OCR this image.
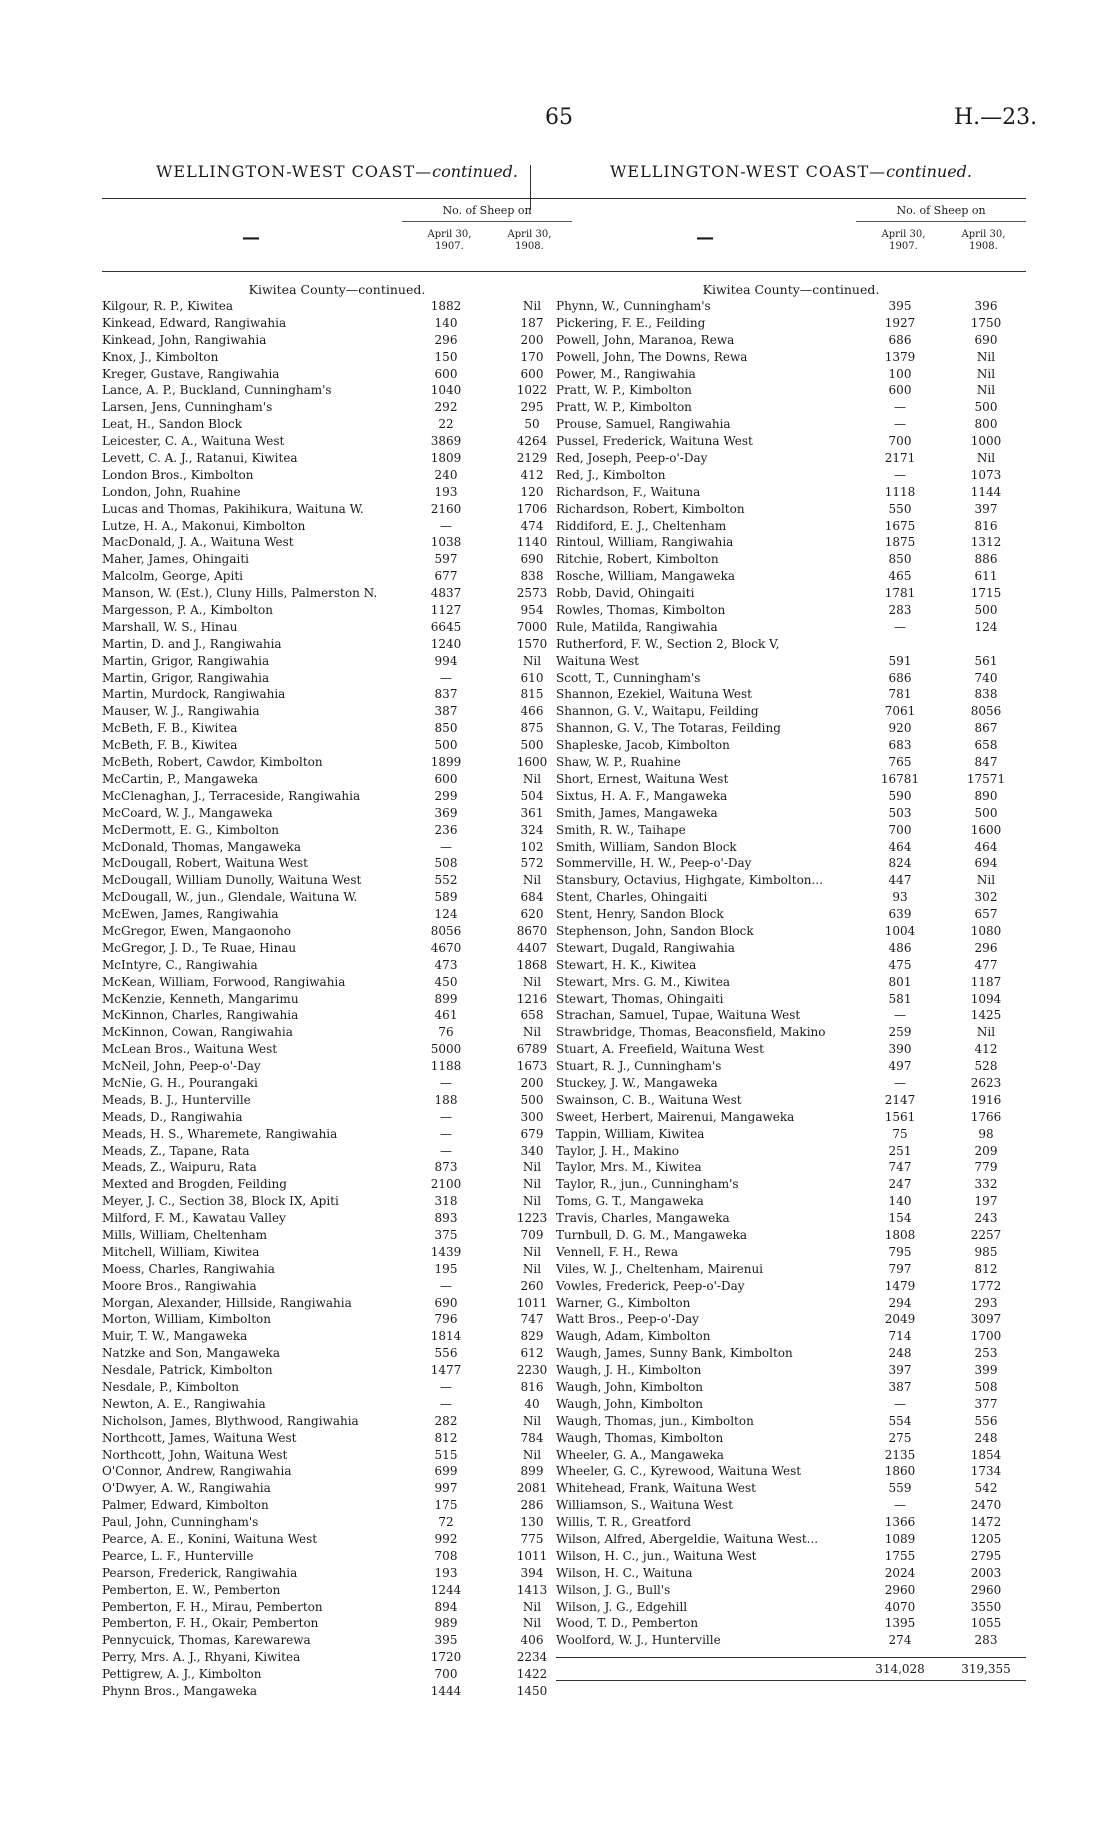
65	H.—23.
WELLINGTON-WEST COAST—continued.
—
No. of Sheep on
April 30, 1907.
April 30, 1908.
Kiwitea County—continued.
Kilgour, R. P., Kiwitea	1882	Nil
Kinkead, Edward, Rangiwahia	140	187
Kinkead, John, Rangiwahia	296	200
Knox, J., Kimbolton	150	170
Kreger, Gustave, Rangiwahia	600	600
Lance, A. P., Buckland, Cunningham's	1040	1022
Larsen, Jens, Cunningham's	292	295
Leat, H., Sandon Block	22	50
Leicester, C. A., Waituna West	3869	4264
Levett, C. A. J., Ratanui, Kiwitea	1809	2129
London Bros., Kimbolton	240	412
London, John, Ruahine	193	120
Lucas and Thomas, Pakihikura, Waituna W.	2160	1706
Lutze, H. A., Makonui, Kimbolton	—	474
MacDonald, J. A., Waituna West	1038	1140
Maher, James, Ohingaiti	597	690
Malcolm, George, Apiti	677	838
Manson, W. (Est.), Cluny Hills, Palmerston N.	4837	2573
Margesson, P. A., Kimbolton	1127	954
Marshall, W. S., Hinau	6645	7000
Martin, D. and J., Rangiwahia	1240	1570
Martin, Grigor, Rangiwahia	994	Nil
Martin, Grigor, Rangiwahia	—	610
Martin, Murdock, Rangiwahia	837	815
Mauser, W. J., Rangiwahia	387	466
McBeth, F. B., Kiwitea	850	875
McBeth, F. B., Kiwitea	500	500
McBeth, Robert, Cawdor, Kimbolton	1899	1600
McCartin, P., Mangaweka	600	Nil
McClenaghan, J., Terraceside, Rangiwahia	299	504
McCoard, W. J., Mangaweka	369	361
McDermott, E. G., Kimbolton	236	324
McDonald, Thomas, Mangaweka	—	102
McDougall, Robert, Waituna West	508	572
McDougall, William Dunolly, Waituna West	552	Nil
McDougall, W., jun., Glendale, Waituna W.	589	684
McEwen, James, Rangiwahia	124	620
McGregor, Ewen, Mangaonoho	8056	8670
McGregor, J. D., Te Ruae, Hinau	4670	4407
McIntyre, C., Rangiwahia	473	1868
McKean, William, Forwood, Rangiwahia	450	Nil
McKenzie, Kenneth, Mangarimu	899	1216
McKinnon, Charles, Rangiwahia	461	658
McKinnon, Cowan, Rangiwahia	76	Nil
McLean Bros., Waituna West	5000	6789
McNeil, John, Peep-o'-Day	1188	1673
McNie, G. H., Pourangaki	—	200
Meads, B. J., Hunterville	188	500
Meads, D., Rangiwahia	—	300
Meads, H. S., Wharemete, Rangiwahia	—	679
Meads, Z., Tapane, Rata	—	340
Meads, Z., Waipuru, Rata	873	Nil
Mexted and Brogden, Feilding	2100	Nil
Meyer, J. C., Section 38, Block IX, Apiti	318	Nil
Milford, F. M., Kawatau Valley	893	1223
Mills, William, Cheltenham	375	709
Mitchell, William, Kiwitea	1439	Nil
Moess, Charles, Rangiwahia	195	Nil
Moore Bros., Rangiwahia	—	260
Morgan, Alexander, Hillside, Rangiwahia	690	1011
Morton, William, Kimbolton	796	747
Muir, T. W., Mangaweka	1814	829
Natzke and Son, Mangaweka	556	612
Nesdale, Patrick, Kimbolton	1477	2230
Nesdale, P., Kimbolton	—	816
Newton, A. E., Rangiwahia	—	40
Nicholson, James, Blythwood, Rangiwahia	282	Nil
Northcott, James, Waituna West	812	784
Northcott, John, Waituna West	515	Nil
O'Connor, Andrew, Rangiwahia	699	899
O'Dwyer, A. W., Rangiwahia	997	2081
Palmer, Edward, Kimbolton	175	286
Paul, John, Cunningham's	72	130
Pearce, A. E., Konini, Waituna West	992	775
Pearce, L. F., Hunterville	708	1011
Pearson, Frederick, Rangiwahia	193	394
Pemberton, E. W., Pemberton	1244	1413
Pemberton, F. H., Mirau, Pemberton	894	Nil
Pemberton, F. H., Okair, Pemberton	989	Nil
Pennycuick, Thomas, Karewarewa	395	406
Perry, Mrs. A. J., Rhyani, Kiwitea	1720	2234
Pettigrew, A. J., Kimbolton	700	1422
Phynn Bros., Mangaweka	1444	1450
WELLINGTON-WEST COAST—continued.
—
No. of Sheep on
April 30, 1907.
April 30, 1908.
Kiwitea County—continued.
Phynn, W., Cunningham's	395	396
Pickering, F. E., Feilding	1927	1750
Powell, John, Maranoa, Rewa	686	690
Powell, John, The Downs, Rewa	1379	Nil
Power, M., Rangiwahia	100	Nil
Pratt, W. P., Kimbolton	600	Nil
Pratt, W. P., Kimbolton	—	500
Prouse, Samuel, Rangiwahia	—	800
Pussel, Frederick, Waituna West	700	1000
Red, Joseph, Peep-o'-Day	2171	Nil
Red, J., Kimbolton	—	1073
Richardson, F., Waituna	1118	1144
Richardson, Robert, Kimbolton	550	397
Riddiford, E. J., Cheltenham	1675	816
Rintoul, William, Rangiwahia	1875	1312
Ritchie, Robert, Kimbolton	850	886
Rosche, William, Mangaweka	465	611
Robb, David, Ohingaiti	1781	1715
Rowles, Thomas, Kimbolton	283	500
Rule, Matilda, Rangiwahia	—	124
Rutherford, F. W., Section 2, Block V,
Waituna West	591	561
Scott, T., Cunningham's	686	740
Shannon, Ezekiel, Waituna West	781	838
Shannon, G. V., Waitapu, Feilding	7061	8056
Shannon, G. V., The Totaras, Feilding	920	867
Shapleske, Jacob, Kimbolton	683	658
Shaw, W. P., Ruahine	765	847
Short, Ernest, Waituna West	16781	17571
Sixtus, H. A. F., Mangaweka	590	890
Smith, James, Mangaweka	503	500
Smith, R. W., Taihape	700	1600
Smith, William, Sandon Block	464	464
Sommerville, H. W., Peep-o'-Day	824	694
Stansbury, Octavius, Highgate, Kimbolton...	447	Nil
Stent, Charles, Ohingaiti	93	302
Stent, Henry, Sandon Block	639	657
Stephenson, John, Sandon Block	1004	1080
Stewart, Dugald, Rangiwahia	486	296
Stewart, H. K., Kiwitea	475	477
Stewart, Mrs. G. M., Kiwitea	801	1187
Stewart, Thomas, Ohingaiti	581	1094
Strachan, Samuel, Tupae, Waituna West	—	1425
Strawbridge, Thomas, Beaconsfield, Makino	259	Nil
Stuart, A. Freefield, Waituna West	390	412
Stuart, R. J., Cunningham's	497	528
Stuckey, J. W., Mangaweka	—	2623
Swainson, C. B., Waituna West	2147	1916
Sweet, Herbert, Mairenui, Mangaweka	1561	1766
Tappin, William, Kiwitea	75	98
Taylor, J. H., Makino	251	209
Taylor, Mrs. M., Kiwitea	747	779
Taylor, R., jun., Cunningham's	247	332
Toms, G. T., Mangaweka	140	197
Travis, Charles, Mangaweka	154	243
Turnbull, D. G. M., Mangaweka	1808	2257
Vennell, F. H., Rewa	795	985
Viles, W. J., Cheltenham, Mairenui	797	812
Vowles, Frederick, Peep-o'-Day	1479	1772
Warner, G., Kimbolton	294	293
Watt Bros., Peep-o'-Day	2049	3097
Waugh, Adam, Kimbolton	714	1700
Waugh, James, Sunny Bank, Kimbolton	248	253
Waugh, J. H., Kimbolton	397	399
Waugh, John, Kimbolton	387	508
Waugh, John, Kimbolton	—	377
Waugh, Thomas, jun., Kimbolton	554	556
Waugh, Thomas, Kimbolton	275	248
Wheeler, G. A., Mangaweka	2135	1854
Wheeler, G. C., Kyrewood, Waituna West	1860	1734
Whitehead, Frank, Waituna West	559	542
Williamson, S., Waituna West	—	2470
Willis, T. R., Greatford	1366	1472
Wilson, Alfred, Abergeldie, Waituna West...	1089	1205
Wilson, H. C., jun., Waituna West	1755	2795
Wilson, H. C., Waituna	2024	2003
Wilson, J. G., Bull's	2960	2960
Wilson, J. G., Edgehill	4070	3550
Wood, T. D., Pemberton	1395	1055
Woolford, W. J., Hunterville	274	283
314,028	319,355
